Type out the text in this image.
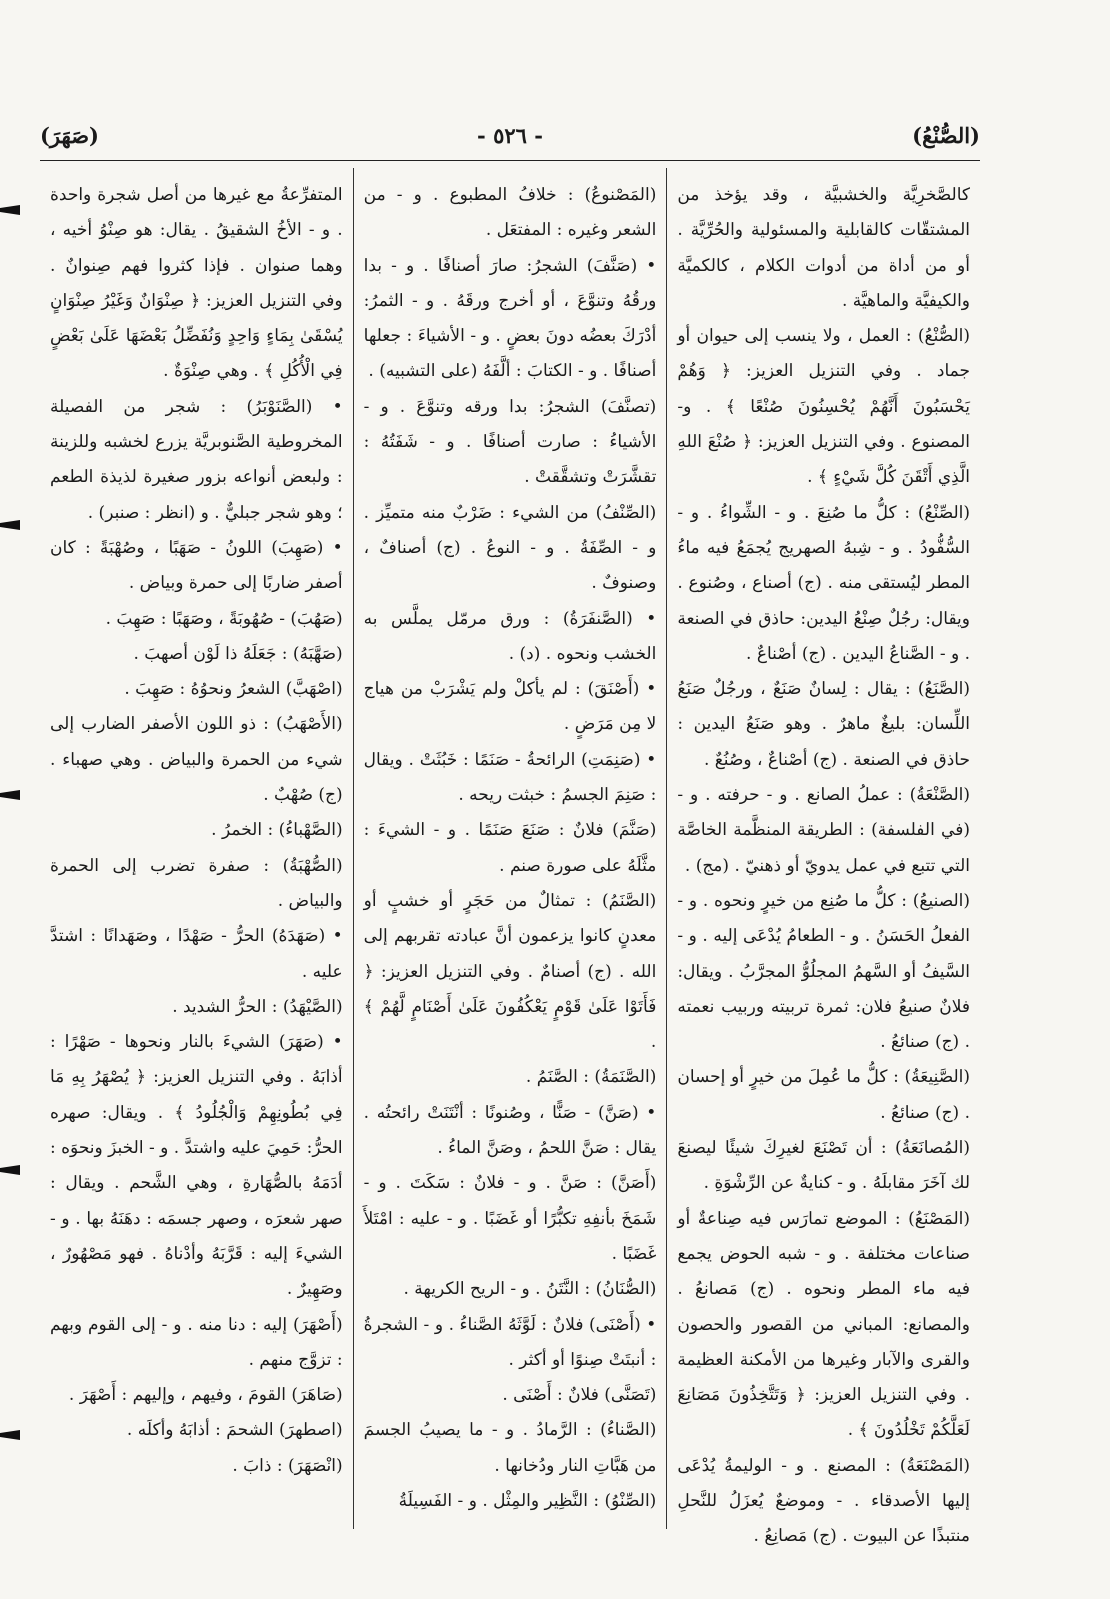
(الصُّنْعُ)
- ٥٢٦ -
(صَهَرَ)

كالصَّخرِيَّة والخشبيَّة ، وقد يؤخذ من المشتقّات كالقابلية والمسئولية والحُرِّيَّة . أو من أداة من أدوات الكلام ، كالكميَّة والكيفيَّة والماهيَّة .

(الصُّنْعُ) : العمل ، ولا ينسب إلى حيوان أو جماد . وفي التنزيل العزيز: ﴿ وَهُمْ يَحْسَبُونَ أَنَّهُمْ يُحْسِنُونَ صُنْعًا ﴾ . و- المصنوع . وفي التنزيل العزيز: ﴿ صُنْعَ اللهِ الَّذِي أَتْقَنَ كُلَّ شَيْءٍ ﴾ .

(الصِّنْعُ) : كلُّ ما صُنِعَ . و - الشِّواءُ . و - السُّفُّودُ . و - شِبهُ الصهريج يُجمَعُ فيه ماءُ المطر ليُستقى منه . (ج) أصناع ، وصُنوع . ويقال: رجُلٌ صِنْعُ اليدين: حاذق في الصنعة . و - الصَّناعُ اليدين . (ج) أصْناعٌ .

(الصَّنَعُ) : يقال : لِسانٌ صَنَعٌ ، ورجُلٌ صَنَعُ اللِّسان: بليغٌ ماهرٌ . وهو صَنَعُ اليدين : حاذق في الصنعة . (ج) أصْناعٌ ، وصُنُعٌ .

(الصَّنْعَةُ) : عملُ الصانع . و - حرفته . و - (في الفلسفة) : الطريقة المنظَّمة الخاصَّة التي تتبع في عمل يدويّ أو ذهنيّ . (مج) .

(الصنيعُ) : كلُّ ما صُنِع من خيرٍ ونحوه . و - الفعلُ الحَسَنُ . و - الطعامُ يُدْعَى إليه . و - السَّيفُ أو السَّهمُ المجلُوُّ المجرَّبُ . ويقال: فلانٌ صنيعُ فلان: ثمرة تربيته وربيب نعمته . (ج) صنائعُ .

(الصَّنِيعَةُ) : كلُّ ما عُمِلَ من خيرٍ أو إحسان . (ج) صنائعُ .

(المُصانَعَةُ) : أن تَصْنَعَ لغيرِكَ شيئًا ليصنعَ لك آخَرَ مقابلَهُ . و - كنايةٌ عن الرِّشْوَةِ .

(المَصْنَعُ) : الموضع تمارَس فيه صِناعةٌ أو صناعات مختلفة . و - شبه الحوض يجمع فيه ماء المطر ونحوه . (ج) مَصانعُ . والمصانع: المباني من القصور والحصون والقرى والآبار وغيرها من الأمكنة العظيمة . وفي التنزيل العزيز: ﴿ وَتَتَّخِذُونَ مَصَانِعَ لَعَلَّكُمْ تَخْلُدُونَ ﴾ .

(المَصْنَعَةُ) : المصنع . و - الوليمةُ يُدْعَى إليها الأصدقاء . - وموضعٌ يُعزَلُ للنَّحلِ منتبذًا عن البيوت . (ج) مَصانِعُ .

(المَصْنوعُ) : خلافُ المطبوع . و - من الشعر وغيره : المفتعَل .

• (صَنَّفَ) الشجرُ: صارَ أصنافًا . و - بدا ورقُهُ وتنوَّعَ ، أو أخرج ورقَهُ . و - الثمرُ: أدْرَكَ بعضُه دونَ بعضٍ . و - الأشياءَ : جعلها أصنافًا . و - الكتابَ : ألَّفَهُ (على التشبيه) .

(تصنَّفَ) الشجرُ: بدا ورقه وتنوَّعَ . و - الأشياءُ : صارت أصنافًا . و - شَفَتُهُ : تقشَّرَتْ وتشقَّقتْ .

(الصِّنْفُ) من الشيء : ضَرْبٌ منه متميِّز . و - الصِّفَةُ . و - النوعُ . (ج) أصنافٌ ، وصنوفٌ .

• (الصَّنفَرَةُ) : ورق مرمّل يملَّس به الخشب ونحوه . (د) .

• (أَصْنَقَ) : لم يأكلْ ولم يَشْرَبْ من هياج لا مِن مَرَضٍ .

• (صَنِمَتِ) الرائحةُ - صَنَمًا : خَبُثَتْ . ويقال : صَنِمَ الجسمُ : خبثت ريحه .

(صَنَّمَ) فلانٌ : صَنَعَ صَنَمًا . و - الشيءَ : مثَّلَهُ على صورة صنم .

(الصَّنَمُ) : تمثالٌ من حَجَرٍ أو خشبٍ أو معدنٍ كانوا يزعمون أنَّ عبادته تقربهم إلى الله . (ج) أصنامٌ . وفي التنزيل العزيز: ﴿ فَأَتَوْا عَلَىٰ قَوْمٍ يَعْكُفُونَ عَلَىٰ أَصْنَامٍ لَّهُمْ ﴾ .

(الصَّنَمَةُ) : الصَّنَمُ .

• (صَنَّ) - صَنًّا ، وصُنونًا : أنْتَنَتْ رائحتُه . يقال : صَنَّ اللحمُ ، وصَنَّ الماءُ .

(أَصَنَّ) : صَنَّ . و - فلانٌ : سَكَتَ . و - شَمَخَ بأنفِهِ تكبُّرًا أو غَضَبًا . و - عليه : امْتَلأَ غَضَبًا .

(الصُّنَانُ) : النَّتَنُ . و - الريح الكريهة .

• (أَصْنَى) فلانٌ : لَوَّثَهُ الصَّناءُ . و - الشجرةُ : أنبتَتْ صِنوًا أو أكثر .

(تَصَنَّى) فلانٌ : أَصْنَى .

(الصَّناءُ) : الرَّمادُ . و - ما يصيبُ الجسمَ من هَبَّاتِ النار ودُخانها .

(الصِّنْوُ) : النَّظِير والمِثْل . و - الفَسِيلَةُ

المتفرِّعةُ مع غيرها من أصل شجرة واحدة . و - الأخُ الشقيقُ . يقال: هو صِنْوُ أخيه ، وهما صنوان . فإذا كثروا فهم صِنوانٌ . وفي التنزيل العزيز: ﴿ صِنْوَانٌ وَغَيْرُ صِنْوَانٍ يُسْقَىٰ بِمَاءٍ وَاحِدٍ وَنُفَضِّلُ بَعْضَهَا عَلَىٰ بَعْضٍ فِي الْأُكُلِ ﴾ . وهي صِنْوَةٌ .

• (الصَّنَوْبَرُ) : شجر من الفصيلة المخروطية الصَّنوبريَّة يزرع لخشبه وللزينة : ولبعض أنواعه بزور صغيرة لذيذة الطعم ؛ وهو شجر جبليٌّ . و (انظر : صنبر) .

• (صَهِبَ) اللونُ - صَهَبًا ، وصُهْبَةً : كان أصفر ضاربًا إلى حمرة وبياض .

(صَهُبَ) - صُهُوبَةً ، وصَهَبًا : صَهِبَ .

(صَهَّبَهُ) : جَعَلَهُ ذا لَوْن أصهبَ .

(اصْهَبَّ) الشعرُ ونحوُهُ : صَهِبَ .

(الأَصْهَبُ) : ذو اللون الأصفر الضارب إلى شيء من الحمرة والبياض . وهي صهباء . (ج) صُهْبٌ .

(الصَّهْباءُ) : الخمرُ .

(الصُّهْبَةُ) : صفرة تضرب إلى الحمرة والبياض .

• (صَهَدَهُ) الحرُّ - صَهْدًا ، وصَهَدانًا : اشتدَّ عليه .

(الصَّيْهَدُ) : الحرُّ الشديد .

• (صَهَرَ) الشيءَ بالنار ونحوها - صَهْرًا : أذابَهُ . وفي التنزيل العزيز: ﴿ يُصْهَرُ بِهِ مَا فِي بُطُونِهِمْ وَالْجُلُودُ ﴾ . ويقال: صهره الحرُّ: حَمِيَ عليه واشتدَّ . و - الخبزَ ونحوَه : أدَمَهُ بالصُّهَارةِ ، وهي الشَّحم . ويقال : صهر شعرَه ، وصهر جسمَه : دهَنَهُ بها . و - الشيءَ إليه : قَرَّبَهُ وأدْناهُ . فهو مَصْهُورٌ ، وصَهِيرٌ .

(أَصْهَرَ) إليه : دنا منه . و - إلى القوم وبهم : تزوَّج منهم .

(صَاهَرَ) القومَ ، وفيهم ، وإليهم : أَصْهَرَ .

(اصطهرَ) الشحمَ : أذابَهُ وأكلَه .

(انْصَهَرَ) : ذابَ .
